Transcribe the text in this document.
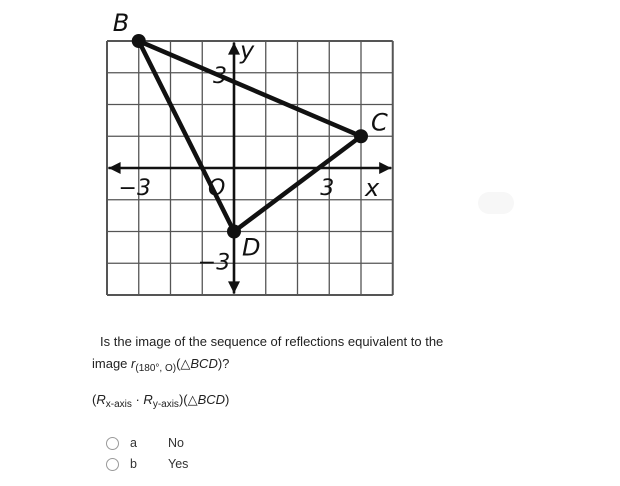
B
C
D
−3	3
3
−3
O	x
y
Is the image of the sequence of reflections equivalent to the
image $r_{(180^\circ, O)}(\triangle BCD)$?
($R_{x-axis}$ · $R_{y-axis})(\triangle BCD)$
a	No
b	Yes
